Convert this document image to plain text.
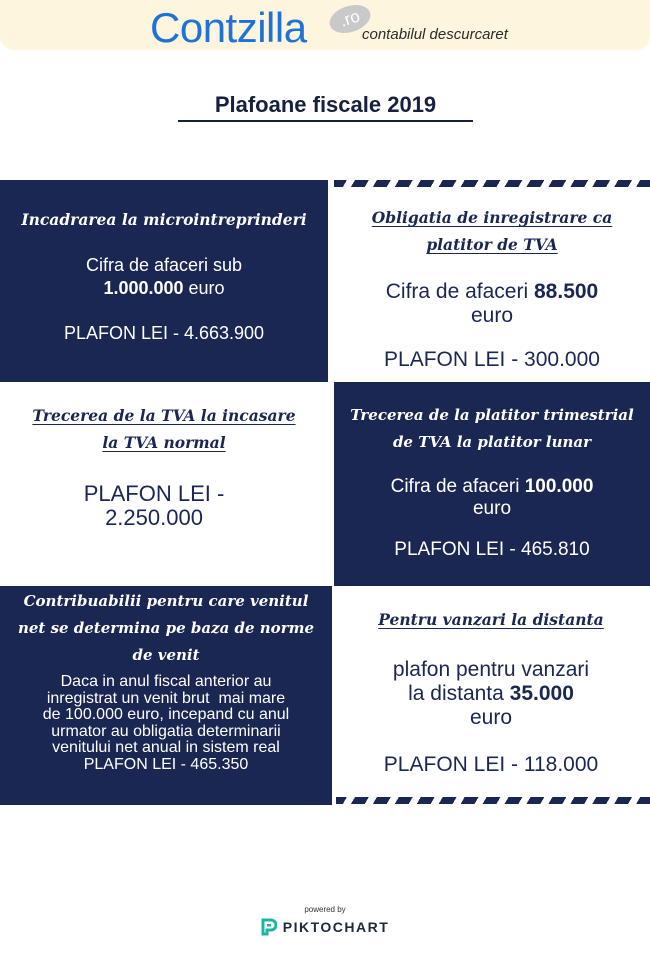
Contzilla	.ro
contabilul descurcaret
Plafoane fiscale 2019
Incadrarea la microintreprinderi
Cifra de afaceri sub
1.000.000 euro
PLAFON LEI - 4.663.900
Obligatia de inregistrare ca
platitor de TVA
Cifra de afaceri 88.500
euro
PLAFON LEI - 300.000
Trecerea de la TVA la incasare
la TVA normal
PLAFON LEI -
2.250.000
Trecerea de la platitor trimestrial
de TVA la platitor lunar
Cifra de afaceri 100.000
euro
PLAFON LEI - 465.810
Contribuabilii pentru care venitul
net se determina pe baza de norme
de venit
Daca in anul fiscal anterior au
inregistrat un venit brut  mai mare
de 100.000 euro, incepand cu anul
urmator au obligatia determinarii
venitului net anual in sistem real
PLAFON LEI - 465.350
Pentru vanzari la distanta
plafon pentru vanzari
la distanta 35.000
euro
PLAFON LEI - 118.000
powered by
PIKTOCHART
